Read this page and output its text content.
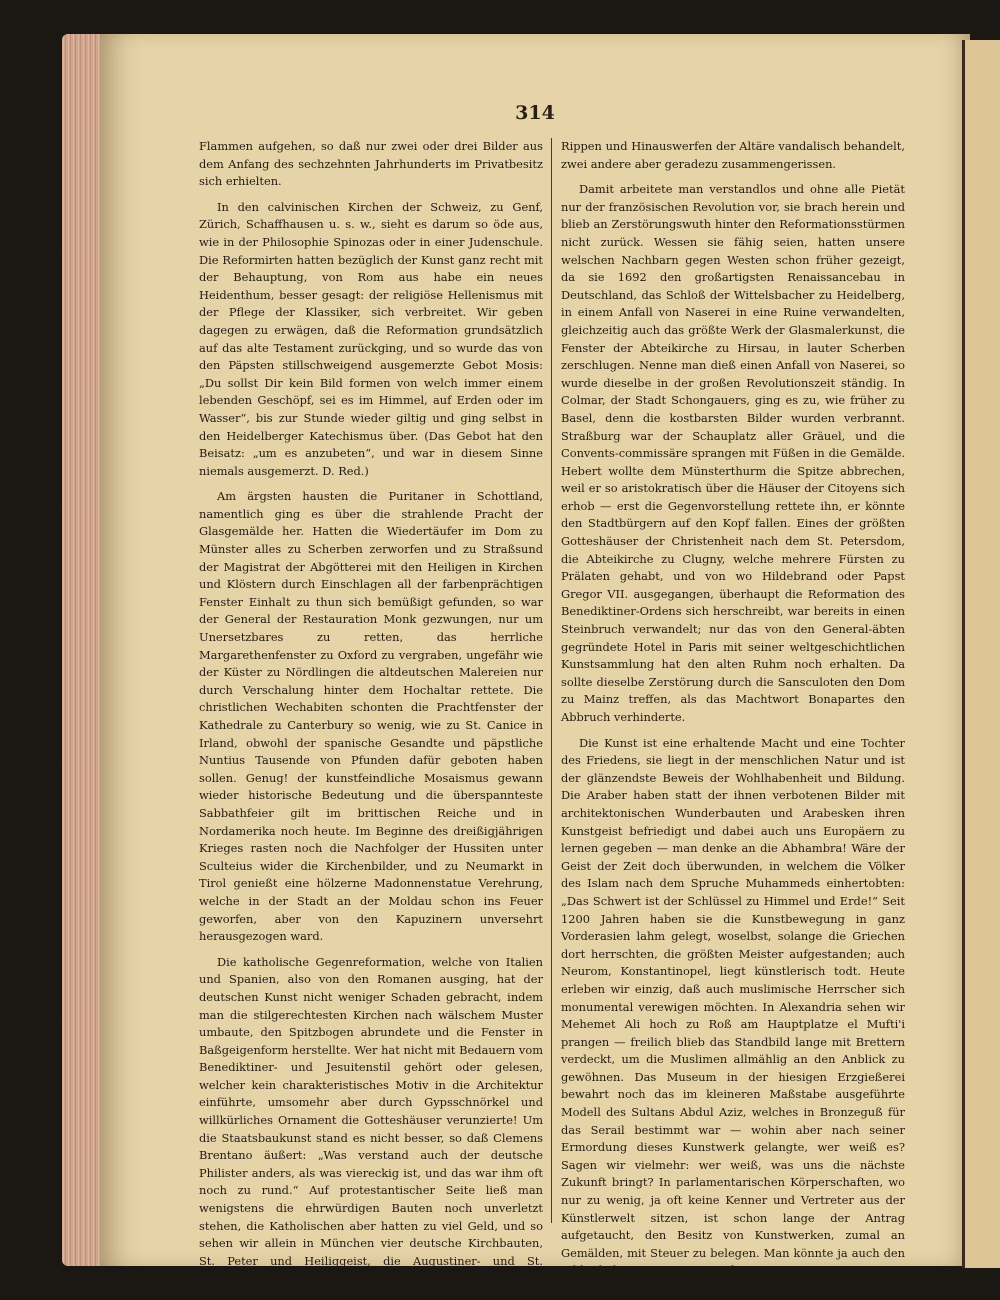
314

Flammen aufgehen, so daß nur zwei oder drei Bilder aus dem Anfang des sechzehnten Jahrhunderts im Privatbesitz sich erhielten.

In den calvinischen Kirchen der Schweiz, zu Genf, Zürich, Schaffhausen u. s. w., sieht es darum so öde aus, wie in der Philosophie Spinozas oder in einer Judenschule. Die Reformirten hatten bezüglich der Kunst ganz recht mit der Behauptung, von Rom aus habe ein neues Heidenthum, besser gesagt: der religiöse Hellenismus mit der Pflege der Klassiker, sich verbreitet. Wir geben dagegen zu erwägen, daß die Reformation grundsätzlich auf das alte Testament zurückging, und so wurde das von den Päpsten stillschweigend ausgemerzte Gebot Mosis: „Du sollst Dir kein Bild formen von welch immer einem lebenden Geschöpf, sei es im Himmel, auf Erden oder im Wasser“, bis zur Stunde wieder giltig und ging selbst in den Heidelberger Katechismus über. (Das Gebot hat den Beisatz: „um es anzubeten“, und war in diesem Sinne niemals ausgemerzt. D. Red.)

Am ärgsten hausten die Puritaner in Schottland, namentlich ging es über die strahlende Pracht der Glasgemälde her. Hatten die Wiedertäufer im Dom zu Münster alles zu Scherben zerworfen und zu Straßsund der Magistrat der Abgötterei mit den Heiligen in Kirchen und Klöstern durch Einschlagen all der farbenprächtigen Fenster Einhalt zu thun sich bemüßigt gefunden, so war der General der Restauration Monk gezwungen, nur um Unersetzbares zu retten, das herrliche Margarethenfenster zu Oxford zu vergraben, ungefähr wie der Küster zu Nördlingen die altdeutschen Malereien nur durch Verschalung hinter dem Hochaltar rettete. Die christlichen Wechabiten schonten die Prachtfenster der Kathedrale zu Canterbury so wenig, wie zu St. Canice in Irland, obwohl der spanische Gesandte und päpstliche Nuntius Tausende von Pfunden dafür geboten haben sollen. Genug! der kunstfeindliche Mosaismus gewann wieder historische Bedeutung und die überspannteste Sabbathfeier gilt im brittischen Reiche und in Nordamerika noch heute. Im Beginne des dreißigjährigen Krieges rasten noch die Nachfolger der Hussiten unter Sculteius wider die Kirchenbilder, und zu Neumarkt in Tirol genießt eine hölzerne Madonnenstatue Verehrung, welche in der Stadt an der Moldau schon ins Feuer geworfen, aber von den Kapuzinern unversehrt herausgezogen ward.

Die katholische Gegenreformation, welche von Italien und Spanien, also von den Romanen ausging, hat der deutschen Kunst nicht weniger Schaden gebracht, indem man die stilgerechtesten Kirchen nach wälschem Muster umbaute, den Spitzbogen abrundete und die Fenster in Baßgeigenform herstellte. Wer hat nicht mit Bedauern vom Benediktiner- und Jesuitenstil gehört oder gelesen, welcher kein charakteristisches Motiv in die Architektur einführte, umsomehr aber durch Gypsschnörkel und willkürliches Ornament die Gotteshäuser verunzierte! Um die Staatsbaukunst stand es nicht besser, so daß Clemens Brentano äußert: „Was verstand auch der deutsche Philister anders, als was viereckig ist, und das war ihm oft noch zu rund.“ Auf protestantischer Seite ließ man wenigstens die ehrwürdigen Bauten noch unverletzt stehen, die Katholischen aber hatten zu viel Geld, und so sehen wir allein in München vier deutsche Kirchbauten, St. Peter und Heiliggeist, die Augustiner- und St. Jakobskirche im Anger unter Herabschlagen der

Rippen und Hinauswerfen der Altäre vandalisch behandelt, zwei andere aber geradezu zusammengerissen.

Damit arbeitete man verstandlos und ohne alle Pietät nur der französischen Revolution vor, sie brach herein und blieb an Zerstörungswuth hinter den Reformationsstürmen nicht zurück. Wessen sie fähig seien, hatten unsere welschen Nachbarn gegen Westen schon früher gezeigt, da sie 1692 den großartigsten Renaissancebau in Deutschland, das Schloß der Wittelsbacher zu Heidelberg, in einem Anfall von Naserei in eine Ruine verwandelten, gleichzeitig auch das größte Werk der Glasmalerkunst, die Fenster der Abteikirche zu Hirsau, in lauter Scherben zerschlugen. Nenne man dieß einen Anfall von Naserei, so wurde dieselbe in der großen Revolutionszeit ständig. In Colmar, der Stadt Schongauers, ging es zu, wie früher zu Basel, denn die kostbarsten Bilder wurden verbrannt. Straßburg war der Schauplatz aller Gräuel, und die Convents-commissäre sprangen mit Füßen in die Gemälde. Hebert wollte dem Münsterthurm die Spitze abbrechen, weil er so aristokratisch über die Häuser der Citoyens sich erhob — erst die Gegenvorstellung rettete ihn, er könnte den Stadtbürgern auf den Kopf fallen. Eines der größten Gotteshäuser der Christenheit nach dem St. Petersdom, die Abteikirche zu Clugny, welche mehrere Fürsten zu Prälaten gehabt, und von wo Hildebrand oder Papst Gregor VII. ausgegangen, überhaupt die Reformation des Benediktiner-Ordens sich herschreibt, war bereits in einen Steinbruch verwandelt; nur das von den General-äbten gegründete Hotel in Paris mit seiner weltgeschichtlichen Kunstsammlung hat den alten Ruhm noch erhalten. Da sollte dieselbe Zerstörung durch die Sansculoten den Dom zu Mainz treffen, als das Machtwort Bonapartes den Abbruch verhinderte.

Die Kunst ist eine erhaltende Macht und eine Tochter des Friedens, sie liegt in der menschlichen Natur und ist der glänzendste Beweis der Wohlhabenheit und Bildung. Die Araber haben statt der ihnen verbotenen Bilder mit architektonischen Wunderbauten und Arabesken ihren Kunstgeist befriedigt und dabei auch uns Europäern zu lernen gegeben — man denke an die Abhambra! Wäre der Geist der Zeit doch überwunden, in welchem die Völker des Islam nach dem Spruche Muhammeds einhertobten: „Das Schwert ist der Schlüssel zu Himmel und Erde!“ Seit 1200 Jahren haben sie die Kunstbewegung in ganz Vorderasien lahm gelegt, woselbst, solange die Griechen dort herrschten, die größten Meister aufgestanden; auch Neurom, Konstantinopel, liegt künstlerisch todt. Heute erleben wir einzig, daß auch muslimische Herrscher sich monumental verewigen möchten. In Alexandria sehen wir Mehemet Ali hoch zu Roß am Hauptplatze el Mufti'i prangen — freilich blieb das Standbild lange mit Brettern verdeckt, um die Muslimen allmählig an den Anblick zu gewöhnen. Das Museum in der hiesigen Erzgießerei bewahrt noch das im kleineren Maßstabe ausgeführte Modell des Sultans Abdul Aziz, welches in Bronzeguß für das Serail bestimmt war — wohin aber nach seiner Ermordung dieses Kunstwerk gelangte, wer weiß es? Sagen wir vielmehr: wer weiß, was uns die nächste Zukunft bringt? In parlamentarischen Körperschaften, wo nur zu wenig, ja oft keine Kenner und Vertreter aus der Künstlerwelt sitzen, ist schon lange der Antrag aufgetaucht, den Besitz von Kunstwerken, zumal an Gemälden, mit Steuer zu belegen. Man könnte ja auch den Bibliothek-Besitzern zur Strafe
